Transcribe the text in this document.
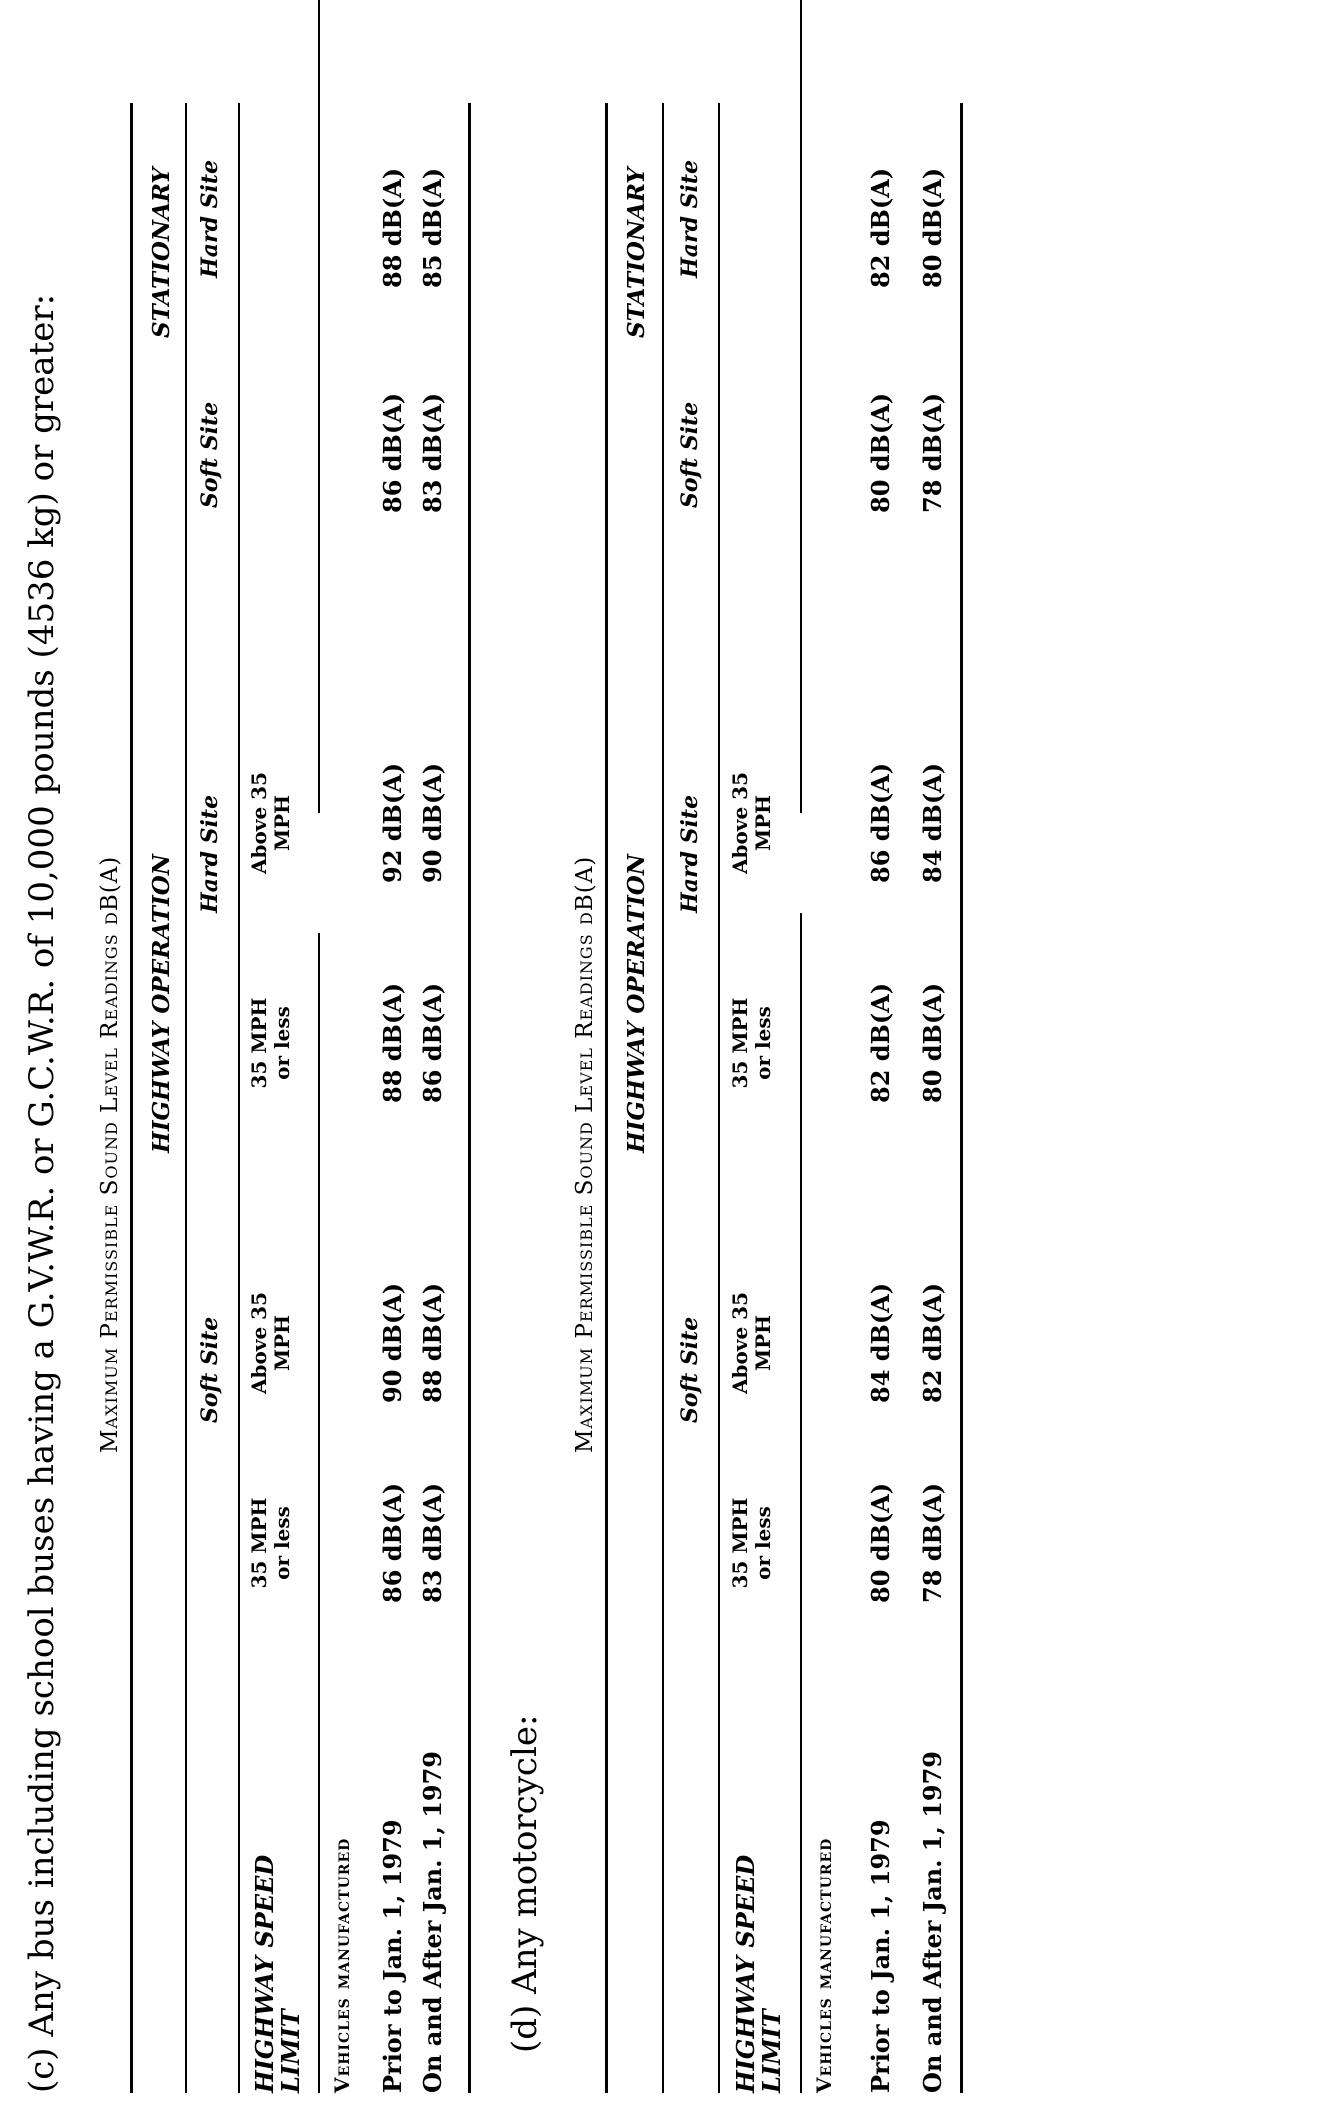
(c) Any bus including school buses having a G.V.W.R. or G.C.W.R. of 10,000 pounds (4536 kg) or greater: Maximum Permissible Sound Level Readings dB(A) HIGHWAY OPERATION
STATIONARY
Soft Site
Hard Site
Soft Site
Hard Site
HIGHWAY SPEED LIMIT
35 MPH or less
Above 35 MPH
35 MPH or less
Above 35 MPH
Vehicles manufactured Prior to Jan. 1, 1979
86 dB(A)
90 dB(A)
88 dB(A)
92 dB(A)
86 dB(A)
88 dB(A)
On and After Jan. 1, 1979
83 dB(A)
88 dB(A)
86 dB(A)
90 dB(A)
83 dB(A)
85 dB(A)
(d) Any motorcycle:
Maximum Permissible Sound Level Readings dB(A) HIGHWAY OPERATION
STATIONARY
Soft Site
Hard Site
Soft Site
Hard Site
HIGHWAY SPEED LIMIT
35 MPH or less
Above 35 MPH
35 MPH or less
Above 35 MPH
Vehicles manufactured Prior to Jan. 1, 1979
80 dB(A)
84 dB(A)
82 dB(A)
86 dB(A)
80 dB(A)
82 dB(A)
On and After Jan. 1, 1979
78 dB(A)
82 dB(A)
80 dB(A)
84 dB(A)
78 dB(A)
80 dB(A)
